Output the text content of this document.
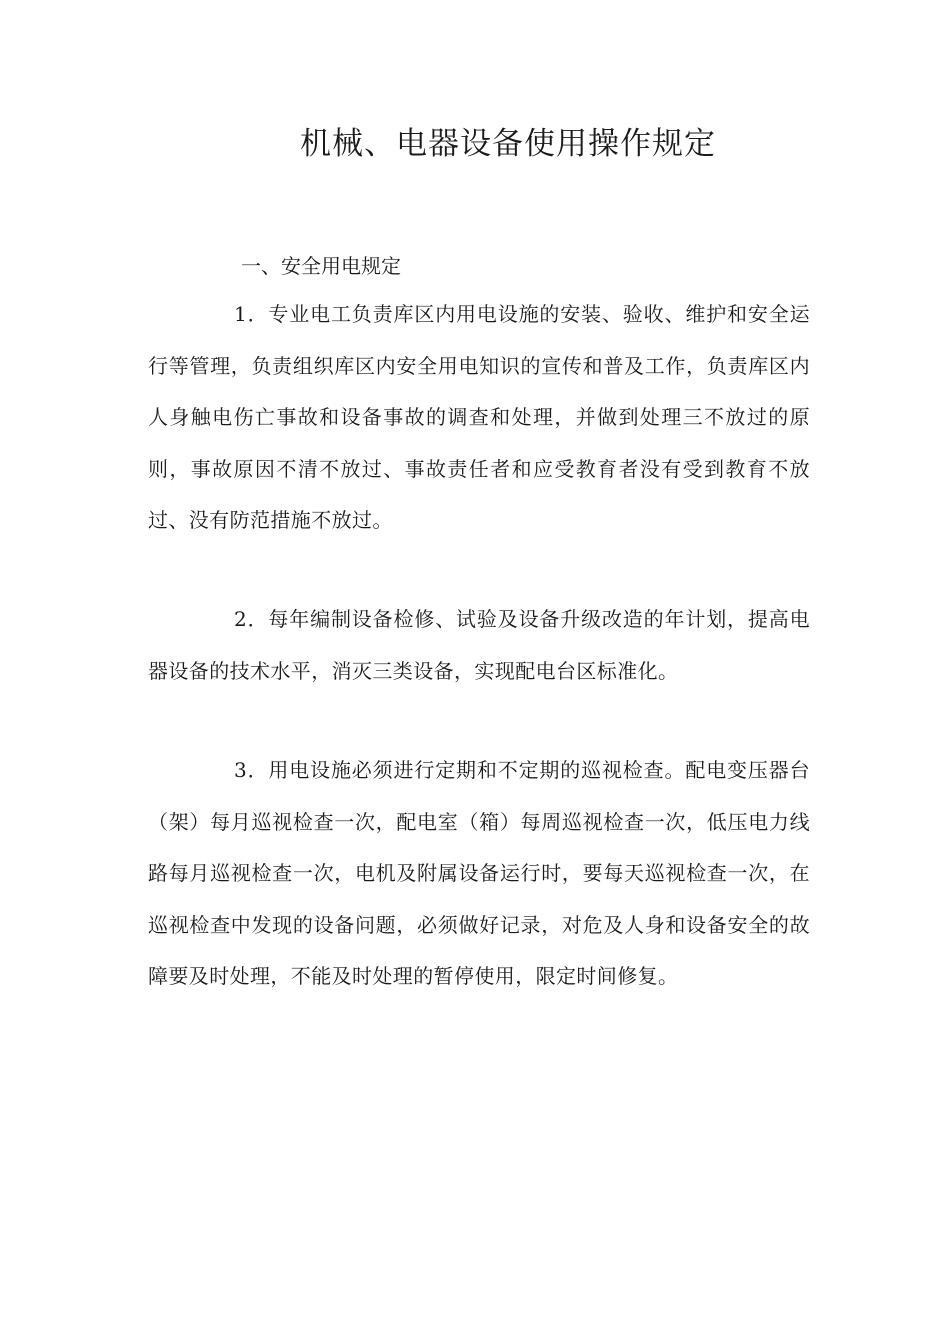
机械、电器设备使用操作规定
一、安全用电规定

1．专业电工负责库区内用电设施的安装、验收、维护和安全运行等管理，负责组织库区内安全用电知识的宣传和普及工作，负责库区内人身触电伤亡事故和设备事故的调查和处理，并做到处理三不放过的原则，事故原因不清不放过、事故责任者和应受教育者没有受到教育不放过、没有防范措施不放过。

2．每年编制设备检修、试验及设备升级改造的年计划，提高电器设备的技术水平，消灭三类设备，实现配电台区标准化。

3．用电设施必须进行定期和不定期的巡视检查。配电变压器台（架）每月巡视检查一次，配电室（箱）每周巡视检查一次，低压电力线路每月巡视检查一次，电机及附属设备运行时，要每天巡视检查一次，在巡视检查中发现的设备问题，必须做好记录，对危及人身和设备安全的故障要及时处理，不能及时处理的暂停使用，限定时间修复。
